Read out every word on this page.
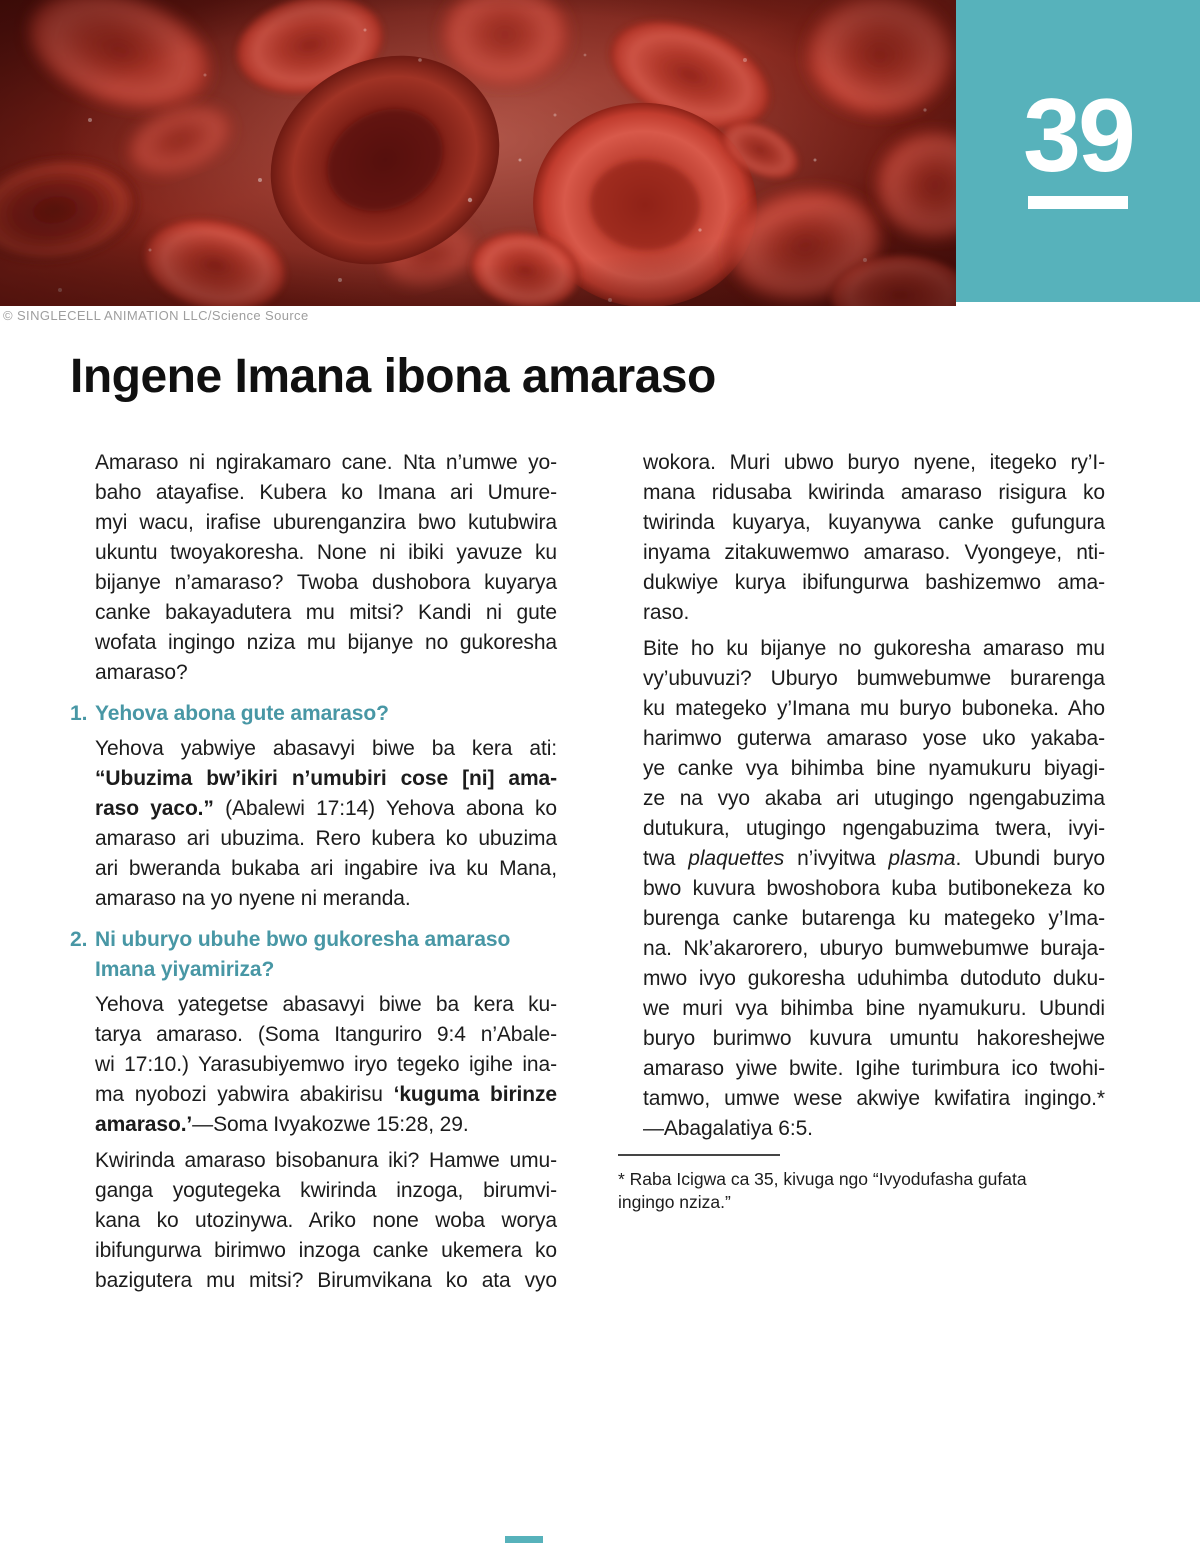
39
© SINGLECELL ANIMATION LLC/Science Source
Ingene Imana ibona amaraso
Amaraso ni ngirakamaro cane. Nta n’umwe yo-
baho atayafise. Kubera ko Imana ari Umure-
myi wacu, irafise uburenganzira bwo kutubwira
ukuntu twoyakoresha. None ni ibiki yavuze ku
bijanye n’amaraso? Twoba dushobora kuyarya
canke bakayadutera mu mitsi? Kandi ni gute
wofata ingingo nziza mu bijanye no gukoresha
amaraso?
1. Yehova abona gute amaraso?
Yehova yabwiye abasavyi biwe ba kera ati:
“Ubuzima bw’ikiri n’umubiri cose [ni] ama-
raso yaco.” (Abalewi 17:14) Yehova abona ko
amaraso ari ubuzima. Rero kubera ko ubuzima
ari bweranda bukaba ari ingabire iva ku Mana,
amaraso na yo nyene ni meranda.
2. Ni uburyo ubuhe bwo gukoresha amaraso
Imana yiyamiriza?
Yehova yategetse abasavyi biwe ba kera ku-
tarya amaraso. (Soma Itanguriro 9:4 n’Abale-
wi 17:10.) Yarasubiyemwo iryo tegeko igihe ina-
ma nyobozi yabwira abakirisu ‘kuguma birinze
amaraso.’—Soma Ivyakozwe 15:28, 29.
Kwirinda amaraso bisobanura iki? Hamwe umu-
ganga yogutegeka kwirinda inzoga, birumvi-
kana ko utozinywa. Ariko none woba worya
ibifungurwa birimwo inzoga canke ukemera ko
bazigutera mu mitsi? Birumvikana ko ata vyo
wokora. Muri ubwo buryo nyene, itegeko ry’I-
mana ridusaba kwirinda amaraso risigura ko
twirinda kuyarya, kuyanywa canke gufungura
inyama zitakuwemwo amaraso. Vyongeye, nti-
dukwiye kurya ibifungurwa bashizemwo ama-
raso.
Bite ho ku bijanye no gukoresha amaraso mu
vy’ubuvuzi? Uburyo bumwebumwe burarenga
ku mategeko y’Imana mu buryo buboneka. Aho
harimwo guterwa amaraso yose uko yakaba-
ye canke vya bihimba bine nyamukuru biyagi-
ze na vyo akaba ari utugingo ngengabuzima
dutukura, utugingo ngengabuzima twera, ivyi-
twa plaquettes n’ivyitwa plasma. Ubundi buryo
bwo kuvura bwoshobora kuba butibonekeza ko
burenga canke butarenga ku mategeko y’Ima-
na. Nk’akarorero, uburyo bumwebumwe buraja-
mwo ivyo gukoresha uduhimba dutoduto duku-
we muri vya bihimba bine nyamukuru. Ubundi
buryo burimwo kuvura umuntu hakoreshejwe
amaraso yiwe bwite. Igihe turimbura ico twohi-
tamwo, umwe wese akwiye kwifatira ingingo.*
—Abagalatiya 6:5.
* Raba Icigwa ca 35, kivuga ngo “Ivyodufasha gufata
ingingo nziza.”
